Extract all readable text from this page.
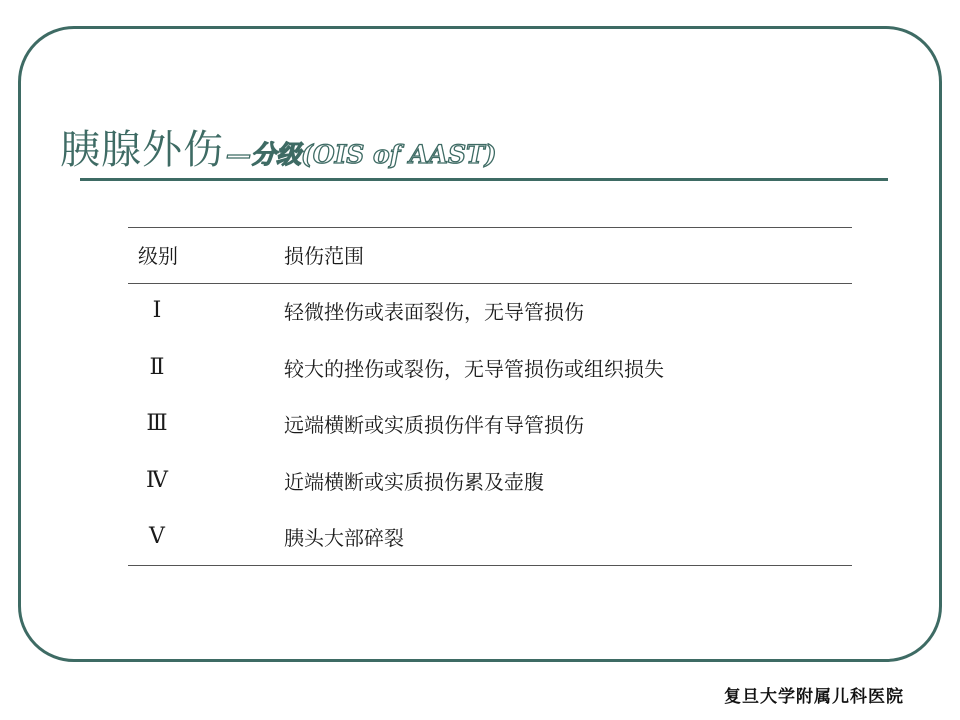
胰腺外伤 —分级(OIS of AAST)
级别	损伤范围
Ⅰ	轻微挫伤或表面裂伤，无导管损伤
Ⅱ	较大的挫伤或裂伤，无导管损伤或组织损失
Ⅲ	远端横断或实质损伤伴有导管损伤
Ⅳ	近端横断或实质损伤累及壶腹
Ⅴ	胰头大部碎裂
复旦大学附属儿科医院
